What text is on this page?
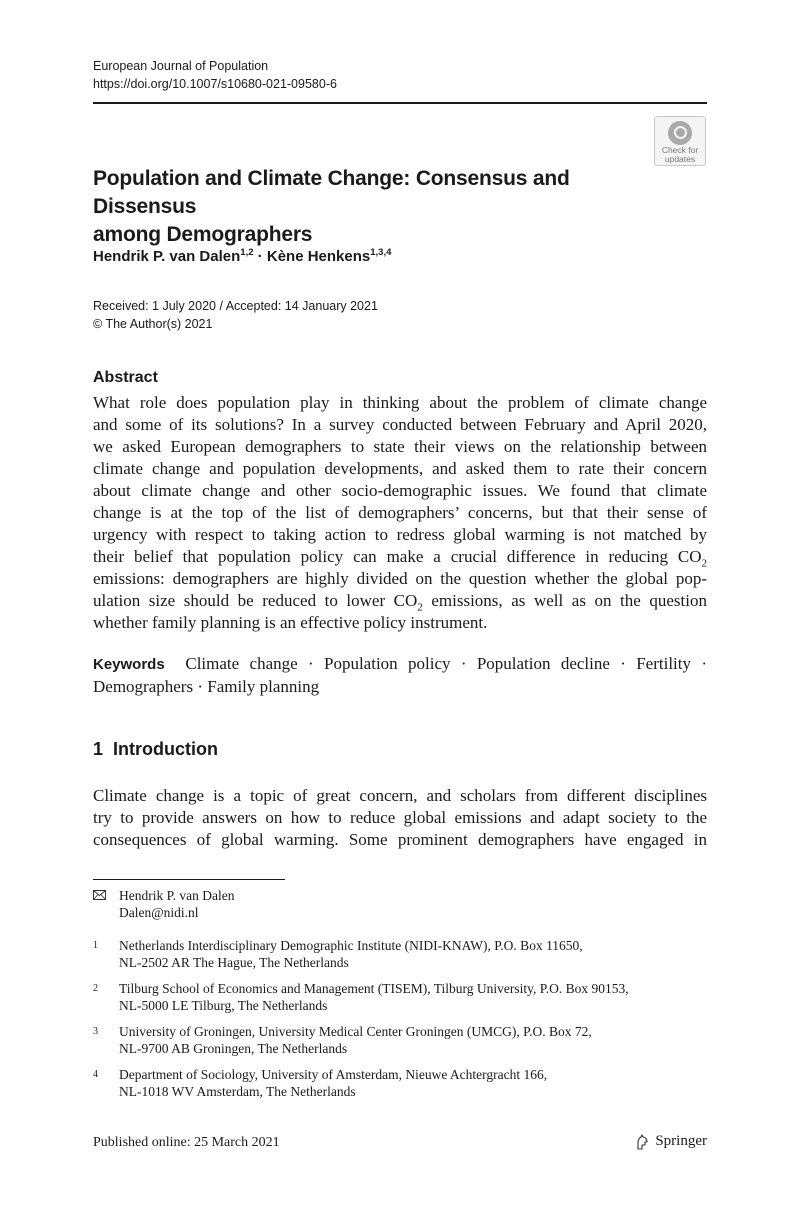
European Journal of Population
https://doi.org/10.1007/s10680-021-09580-6
Check for
updates
Population and Climate Change: Consensus and Dissensus
among Demographers
Hendrik P. van Dalen$^{1,2}$ · Kène Henkens$^{1,3,4}$
Received: 1 July 2020 / Accepted: 14 January 2021
© The Author(s) 2021
Abstract
What role does population play in thinking about the problem of climate change
and some of its solutions? In a survey conducted between February and April 2020,
we asked European demographers to state their views on the relationship between
climate change and population developments, and asked them to rate their concern
about climate change and other socio-demographic issues. We found that climate
change is at the top of the list of demographers’ concerns, but that their sense of
urgency with respect to taking action to redress global warming is not matched by
their belief that population policy can make a crucial difference in reducing $CO_2$
emissions: demographers are highly divided on the question whether the global pop-
ulation size should be reduced to lower $CO_2$ emissions, as well as on the question
whether family planning is an effective policy instrument.
Keywords Climate change · Population policy · Population decline · Fertility ·
Demographers · Family planning
1  Introduction
Climate change is a topic of great concern, and scholars from different disciplines
try to provide answers on how to reduce global emissions and adapt society to the
consequences of global warming. Some prominent demographers have engaged in
Hendrik P. van Dalen
Dalen@nidi.nl
1 Netherlands Interdisciplinary Demographic Institute (NIDI-KNAW), P.O. Box 11650,
NL-2502 AR The Hague, The Netherlands
2 Tilburg School of Economics and Management (TISEM), Tilburg University, P.O. Box 90153,
NL-5000 LE Tilburg, The Netherlands
3 University of Groningen, University Medical Center Groningen (UMCG), P.O. Box 72,
NL-9700 AB Groningen, The Netherlands
4 Department of Sociology, University of Amsterdam, Nieuwe Achtergracht 166,
NL-1018 WV Amsterdam, The Netherlands
Published online: 25 March 2021	Springer
